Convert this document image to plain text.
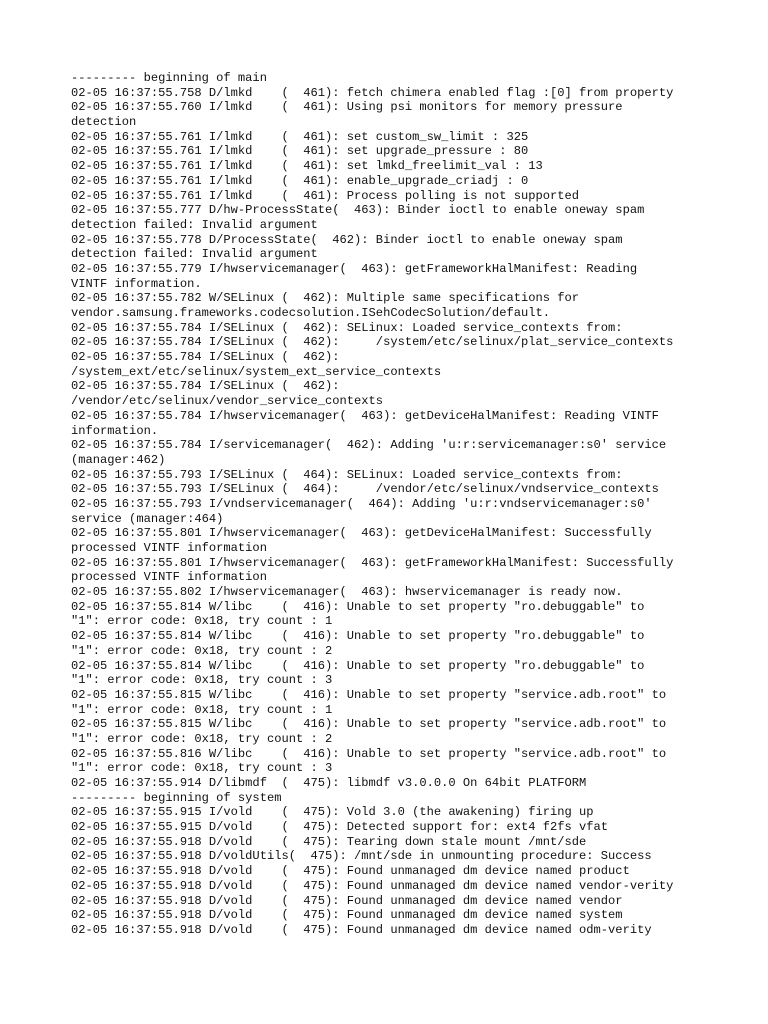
--------- beginning of main
02-05 16:37:55.758 D/lmkd    (  461): fetch chimera enabled flag :[0] from property
02-05 16:37:55.760 I/lmkd    (  461): Using psi monitors for memory pressure
detection
02-05 16:37:55.761 I/lmkd    (  461): set custom_sw_limit : 325
02-05 16:37:55.761 I/lmkd    (  461): set upgrade_pressure : 80
02-05 16:37:55.761 I/lmkd    (  461): set lmkd_freelimit_val : 13
02-05 16:37:55.761 I/lmkd    (  461): enable_upgrade_criadj : 0
02-05 16:37:55.761 I/lmkd    (  461): Process polling is not supported
02-05 16:37:55.777 D/hw-ProcessState(  463): Binder ioctl to enable oneway spam
detection failed: Invalid argument
02-05 16:37:55.778 D/ProcessState(  462): Binder ioctl to enable oneway spam
detection failed: Invalid argument
02-05 16:37:55.779 I/hwservicemanager(  463): getFrameworkHalManifest: Reading
VINTF information.
02-05 16:37:55.782 W/SELinux (  462): Multiple same specifications for
vendor.samsung.frameworks.codecsolution.ISehCodecSolution/default.
02-05 16:37:55.784 I/SELinux (  462): SELinux: Loaded service_contexts from:
02-05 16:37:55.784 I/SELinux (  462):     /system/etc/selinux/plat_service_contexts
02-05 16:37:55.784 I/SELinux (  462):
/system_ext/etc/selinux/system_ext_service_contexts
02-05 16:37:55.784 I/SELinux (  462):
/vendor/etc/selinux/vendor_service_contexts
02-05 16:37:55.784 I/hwservicemanager(  463): getDeviceHalManifest: Reading VINTF
information.
02-05 16:37:55.784 I/servicemanager(  462): Adding 'u:r:servicemanager:s0' service
(manager:462)
02-05 16:37:55.793 I/SELinux (  464): SELinux: Loaded service_contexts from:
02-05 16:37:55.793 I/SELinux (  464):     /vendor/etc/selinux/vndservice_contexts
02-05 16:37:55.793 I/vndservicemanager(  464): Adding 'u:r:vndservicemanager:s0'
service (manager:464)
02-05 16:37:55.801 I/hwservicemanager(  463): getDeviceHalManifest: Successfully
processed VINTF information
02-05 16:37:55.801 I/hwservicemanager(  463): getFrameworkHalManifest: Successfully
processed VINTF information
02-05 16:37:55.802 I/hwservicemanager(  463): hwservicemanager is ready now.
02-05 16:37:55.814 W/libc    (  416): Unable to set property "ro.debuggable" to
"1": error code: 0x18, try count : 1
02-05 16:37:55.814 W/libc    (  416): Unable to set property "ro.debuggable" to
"1": error code: 0x18, try count : 2
02-05 16:37:55.814 W/libc    (  416): Unable to set property "ro.debuggable" to
"1": error code: 0x18, try count : 3
02-05 16:37:55.815 W/libc    (  416): Unable to set property "service.adb.root" to
"1": error code: 0x18, try count : 1
02-05 16:37:55.815 W/libc    (  416): Unable to set property "service.adb.root" to
"1": error code: 0x18, try count : 2
02-05 16:37:55.816 W/libc    (  416): Unable to set property "service.adb.root" to
"1": error code: 0x18, try count : 3
02-05 16:37:55.914 D/libmdf  (  475): libmdf v3.0.0.0 On 64bit PLATFORM
--------- beginning of system
02-05 16:37:55.915 I/vold    (  475): Vold 3.0 (the awakening) firing up
02-05 16:37:55.915 D/vold    (  475): Detected support for: ext4 f2fs vfat
02-05 16:37:55.918 D/vold    (  475): Tearing down stale mount /mnt/sde
02-05 16:37:55.918 D/voldUtils(  475): /mnt/sde in unmounting procedure: Success
02-05 16:37:55.918 D/vold    (  475): Found unmanaged dm device named product
02-05 16:37:55.918 D/vold    (  475): Found unmanaged dm device named vendor-verity
02-05 16:37:55.918 D/vold    (  475): Found unmanaged dm device named vendor
02-05 16:37:55.918 D/vold    (  475): Found unmanaged dm device named system
02-05 16:37:55.918 D/vold    (  475): Found unmanaged dm device named odm-verity
